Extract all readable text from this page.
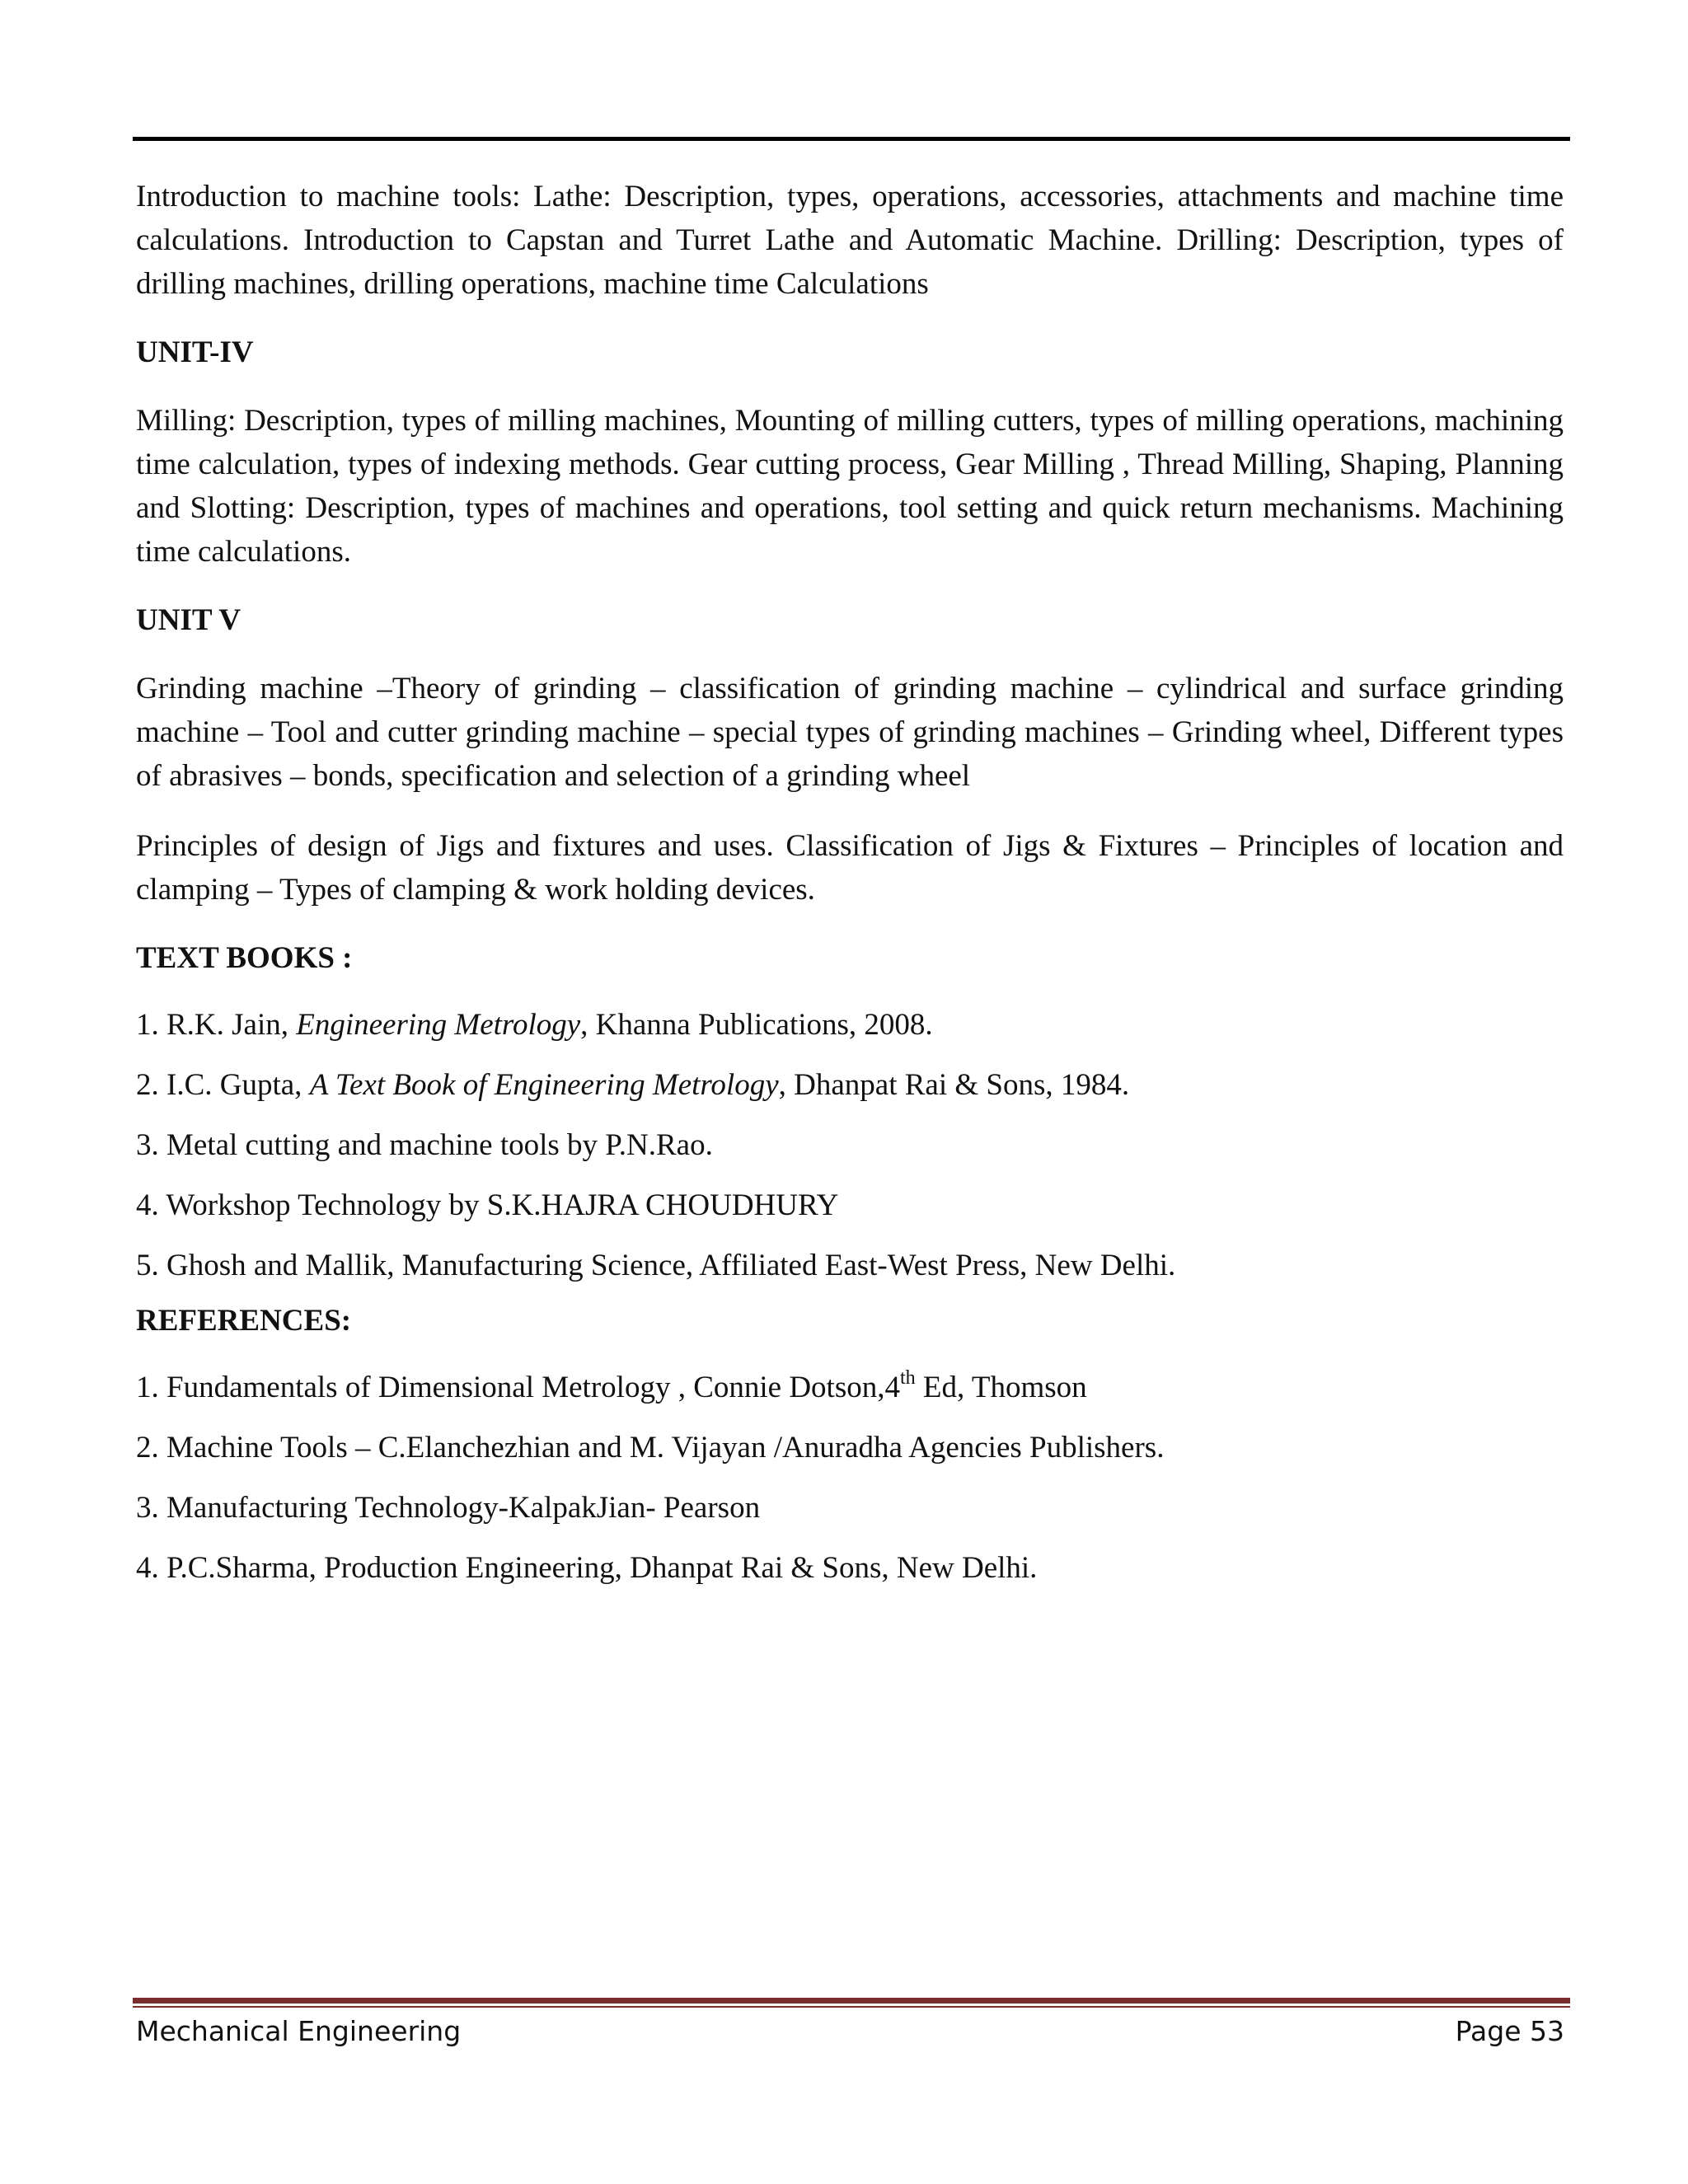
Introduction to machine tools: Lathe: Description, types, operations, accessories, attachments and machine time calculations. Introduction to Capstan and Turret Lathe and Automatic Machine. Drilling: Description, types of drilling machines, drilling operations, machine time Calculations

UNIT-IV

Milling: Description, types of milling machines, Mounting of milling cutters, types of milling operations, machining time calculation, types of indexing methods. Gear cutting process, Gear Milling , Thread Milling, Shaping, Planning and Slotting: Description, types of machines and operations, tool setting and quick return mechanisms. Machining time calculations.

UNIT V

Grinding machine –Theory of grinding – classification of grinding machine – cylindrical and surface grinding machine – Tool and cutter grinding machine – special types of grinding machines – Grinding wheel, Different types of abrasives – bonds, specification and selection of a grinding wheel

Principles of design of Jigs and fixtures and uses. Classification of Jigs & Fixtures – Principles of location and clamping – Types of clamping & work holding devices.

TEXT BOOKS :

1. R.K. Jain, Engineering Metrology, Khanna Publications, 2008.

2. I.C. Gupta, A Text Book of Engineering Metrology, Dhanpat Rai & Sons, 1984.

3. Metal cutting and machine tools by P.N.Rao.

4. Workshop Technology by S.K.HAJRA CHOUDHURY

5. Ghosh and Mallik, Manufacturing Science, Affiliated East-West Press, New Delhi.

REFERENCES:

1. Fundamentals of Dimensional Metrology , Connie Dotson,4th Ed, Thomson

2. Machine Tools – C.Elanchezhian and M. Vijayan /Anuradha Agencies Publishers.

3. Manufacturing Technology-KalpakJian- Pearson

4. P.C.Sharma, Production Engineering, Dhanpat Rai & Sons, New Delhi.

Mechanical Engineering	Page 53
